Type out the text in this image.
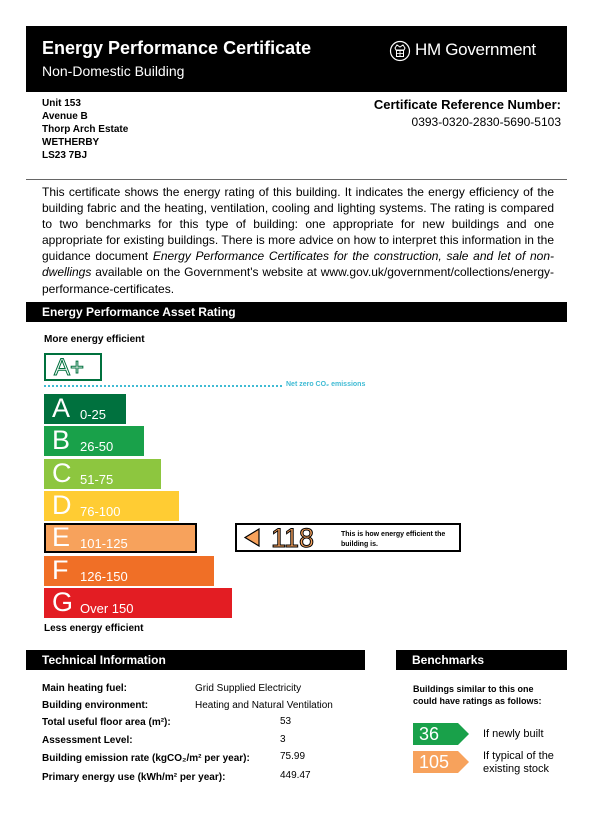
Energy Performance Certificate
Non-Domestic Building
HM Government
Unit 153
Avenue B
Thorp Arch Estate
WETHERBY
LS23 7BJ
Certificate Reference Number:
0393-0320-2830-5690-5103

This certificate shows the energy rating of this building. It indicates the energy efficiency of the building fabric and the heating, ventilation, cooling and lighting systems. The rating is compared to two benchmarks for this type of building: one appropriate for new buildings and one appropriate for existing buildings. There is more advice on how to interpret this information in the guidance document Energy Performance Certificates for the construction, sale and let of non-dwellings available on the Government's website at www.gov.uk/government/collections/energy-performance-certificates.

Energy Performance Asset Rating
More energy efficient
A+
Net zero CO₂ emissions
A 0-25
B 26-50
C 51-75
D 76-100
E 101-125
F 126-150
G Over 150
Less energy efficient
118	This is how energy efficient the building is.
Technical Information
Main heating fuel:	Grid Supplied Electricity
Building environment:	Heating and Natural Ventilation
Total useful floor area (m²):	53
Assessment Level:	3
Building emission rate (kgCO₂/m² per year):	75.99
Primary energy use (kWh/m² per year):	449.47
Benchmarks
Buildings similar to this one could have ratings as follows:
36	If newly built
105	If typical of the existing stock
